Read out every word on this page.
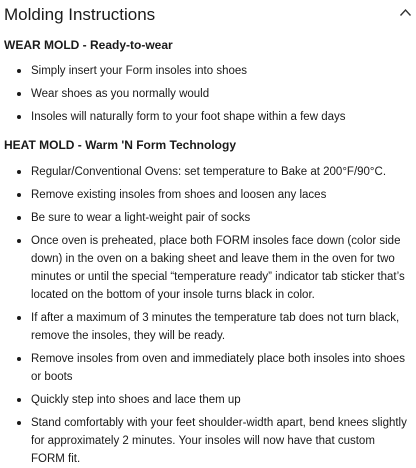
Molding Instructions
WEAR MOLD - Ready-to-wear
Simply insert your Form insoles into shoes
Wear shoes as you normally would
Insoles will naturally form to your foot shape within a few days
HEAT MOLD - Warm 'N Form Technology
Regular/Conventional Ovens: set temperature to Bake at 200°F/90°C.
Remove existing insoles from shoes and loosen any laces
Be sure to wear a light-weight pair of socks
Once oven is preheated, place both FORM insoles face down (color side down) in the oven on a baking sheet and leave them in the oven for two minutes or until the special “temperature ready” indicator tab sticker that’s located on the bottom of your insole turns black in color.
If after a maximum of 3 minutes the temperature tab does not turn black, remove the insoles, they will be ready.
Remove insoles from oven and immediately place both insoles into shoes or boots
Quickly step into shoes and lace them up
Stand comfortably with your feet shoulder-width apart, bend knees slightly for approximately 2 minutes. Your insoles will now have that custom FORM fit.
